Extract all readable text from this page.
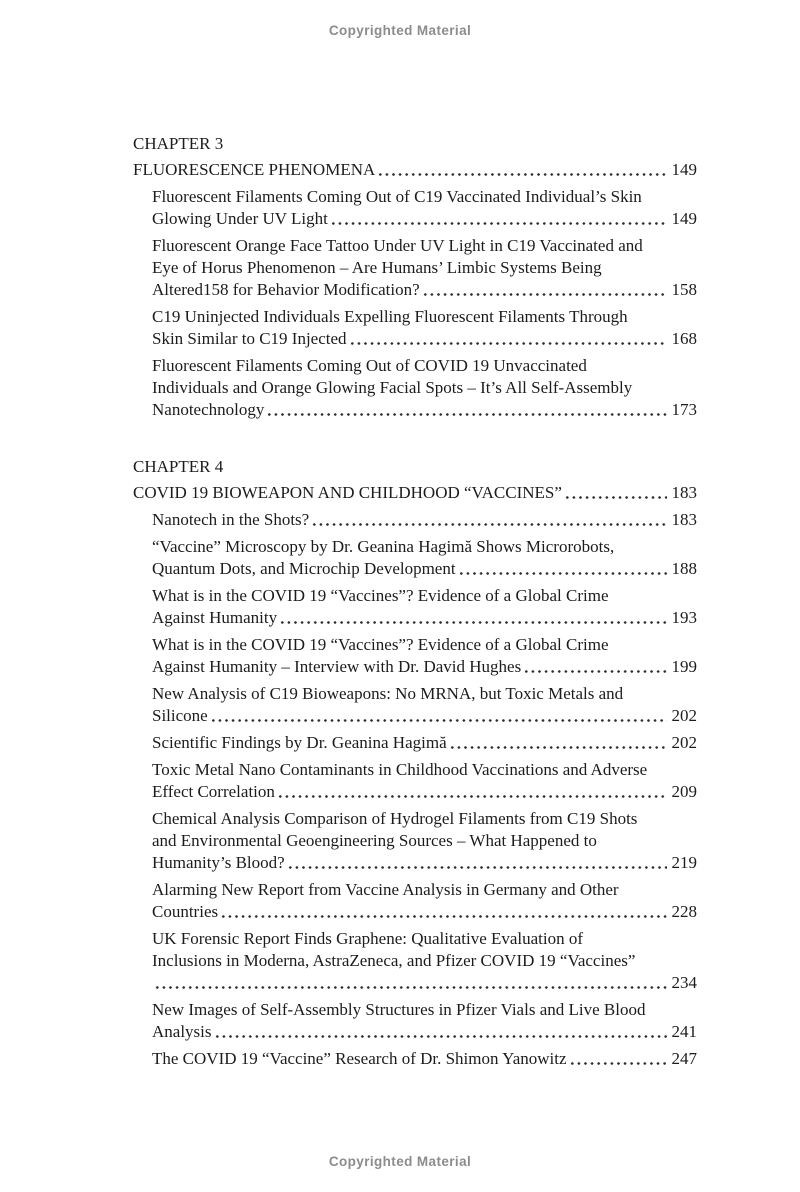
Copyrighted Material
CHAPTER 3
FLUORESCENCE PHENOMENA	149
Fluorescent Filaments Coming Out of C19 Vaccinated Individual’s Skin
Glowing Under UV Light	149
Fluorescent Orange Face Tattoo Under UV Light in C19 Vaccinated and
Eye of Horus Phenomenon – Are Humans’ Limbic Systems Being
Altered158 for Behavior Modification?	158
C19 Uninjected Individuals Expelling Fluorescent Filaments Through
Skin Similar to C19 Injected	168
Fluorescent Filaments Coming Out of COVID 19 Unvaccinated
Individuals and Orange Glowing Facial Spots – It’s All Self-Assembly
Nanotechnology	173
CHAPTER 4
COVID 19 BIOWEAPON AND CHILDHOOD “VACCINES”	183
Nanotech in the Shots?	183
“Vaccine” Microscopy by Dr. Geanina Hagimă Shows Microrobots,
Quantum Dots, and Microchip Development	188
What is in the COVID 19 “Vaccines”? Evidence of a Global Crime
Against Humanity	193
What is in the COVID 19 “Vaccines”? Evidence of a Global Crime
Against Humanity – Interview with Dr. David Hughes	199
New Analysis of C19 Bioweapons: No MRNA, but Toxic Metals and
Silicone	202
Scientific Findings by Dr. Geanina Hagimă	202
Toxic Metal Nano Contaminants in Childhood Vaccinations and Adverse
Effect Correlation	209
Chemical Analysis Comparison of Hydrogel Filaments from C19 Shots
and Environmental Geoengineering Sources – What Happened to
Humanity’s Blood?	219
Alarming New Report from Vaccine Analysis in Germany and Other
Countries	228
UK Forensic Report Finds Graphene: Qualitative Evaluation of
Inclusions in Moderna, AstraZeneca, and Pfizer COVID 19 “Vaccines”
234
New Images of Self-Assembly Structures in Pfizer Vials and Live Blood
Analysis	241
The COVID 19 “Vaccine” Research of Dr. Shimon Yanowitz	247
Copyrighted Material
